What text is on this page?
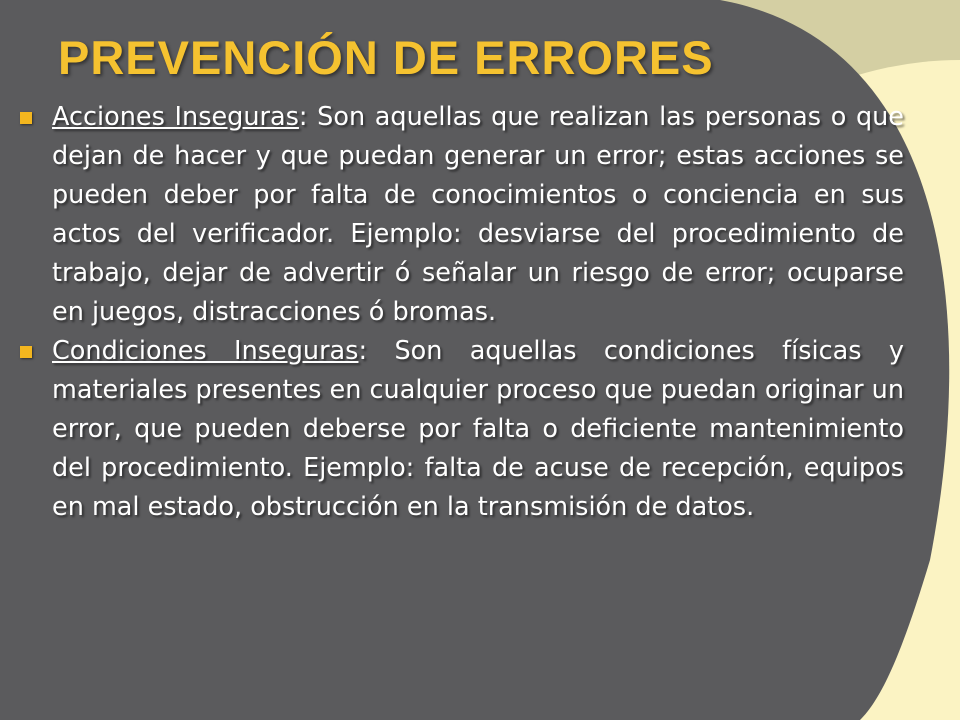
PREVENCIÓN DE ERRORES

Acciones Inseguras: Son aquellas que realizan las personas o que dejan de hacer y que puedan generar un error; estas acciones se pueden deber por falta de conocimientos o conciencia en sus actos del verificador. Ejemplo: desviarse del procedimiento de trabajo, dejar de advertir ó señalar un riesgo de error; ocuparse en juegos, distracciones ó bromas.

Condiciones Inseguras: Son aquellas condiciones físicas y materiales presentes en cualquier proceso que puedan originar un error, que pueden deberse por falta o deficiente mantenimiento del procedimiento. Ejemplo: falta de acuse de recepción, equipos en mal estado, obstrucción en la transmisión de datos.
